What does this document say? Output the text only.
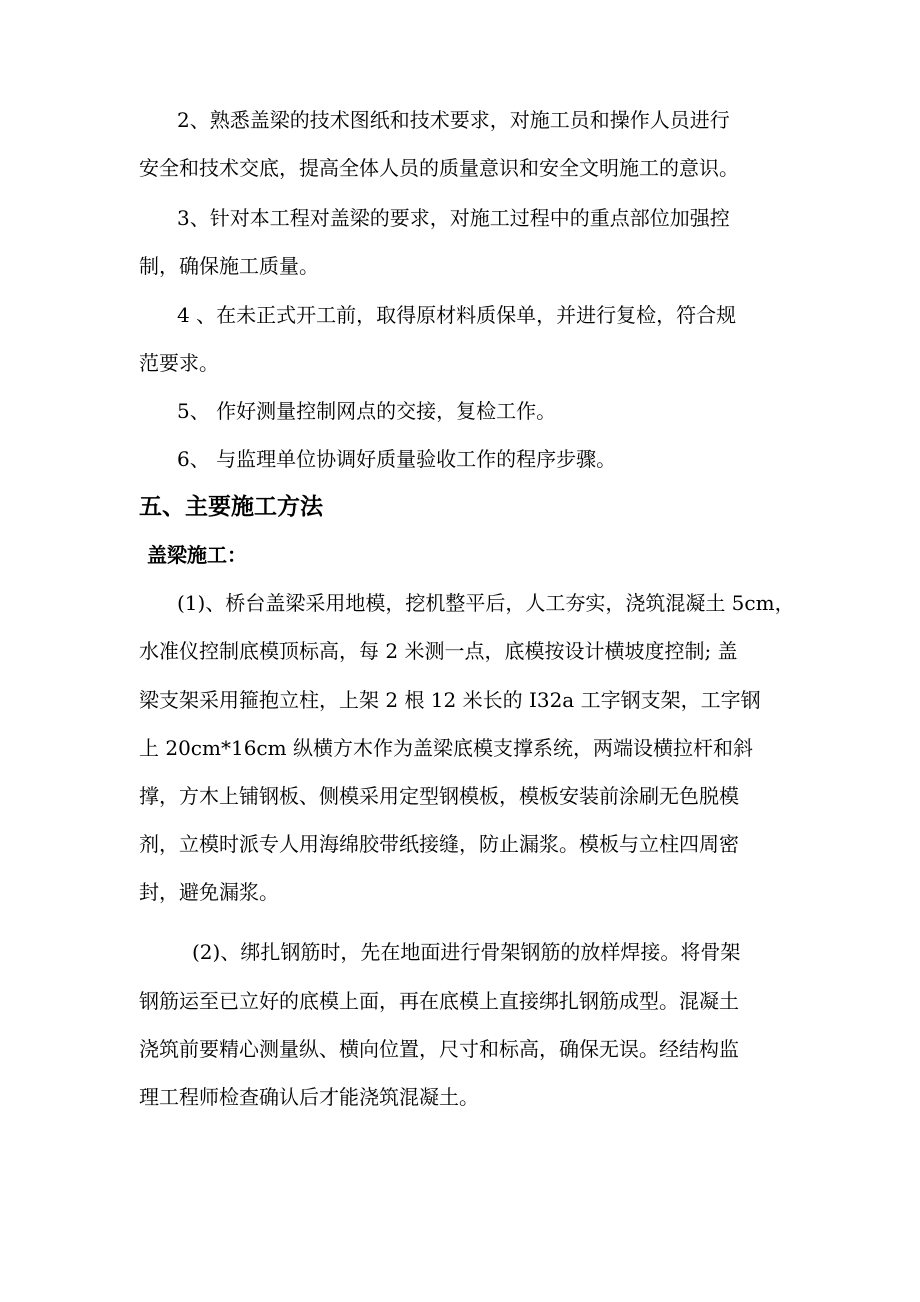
2、熟悉盖梁的技术图纸和技术要求，对施工员和操作人员进行
安全和技术交底，提高全体人员的质量意识和安全文明施工的意识。
3、针对本工程对盖梁的要求，对施工过程中的重点部位加强控
制，确保施工质量。
4 、在未正式开工前，取得原材料质保单，并进行复检，符合规
范要求。
5、 作好测量控制网点的交接，复检工作。
6、 与监理单位协调好质量验收工作的程序步骤。
五、主要施工方法
盖梁施工：
(1)、桥台盖梁采用地模，挖机整平后，人工夯实，浇筑混凝土 5cm，
水准仪控制底模顶标高，每 2 米测一点，底模按设计横坡度控制; 盖
梁支架采用箍抱立柱，上架 2 根 12 米长的 I32a 工字钢支架，工字钢
上 20cm*16cm 纵横方木作为盖梁底模支撑系统，两端设横拉杆和斜
撑，方木上铺钢板、侧模采用定型钢模板，模板安装前涂刷无色脱模
剂，立模时派专人用海绵胶带纸接缝，防止漏浆。模板与立柱四周密
封，避免漏浆。
(2)、绑扎钢筋时，先在地面进行骨架钢筋的放样焊接。将骨架
钢筋运至已立好的底模上面，再在底模上直接绑扎钢筋成型。混凝土
浇筑前要精心测量纵、横向位置，尺寸和标高，确保无误。经结构监
理工程师检查确认后才能浇筑混凝土。
